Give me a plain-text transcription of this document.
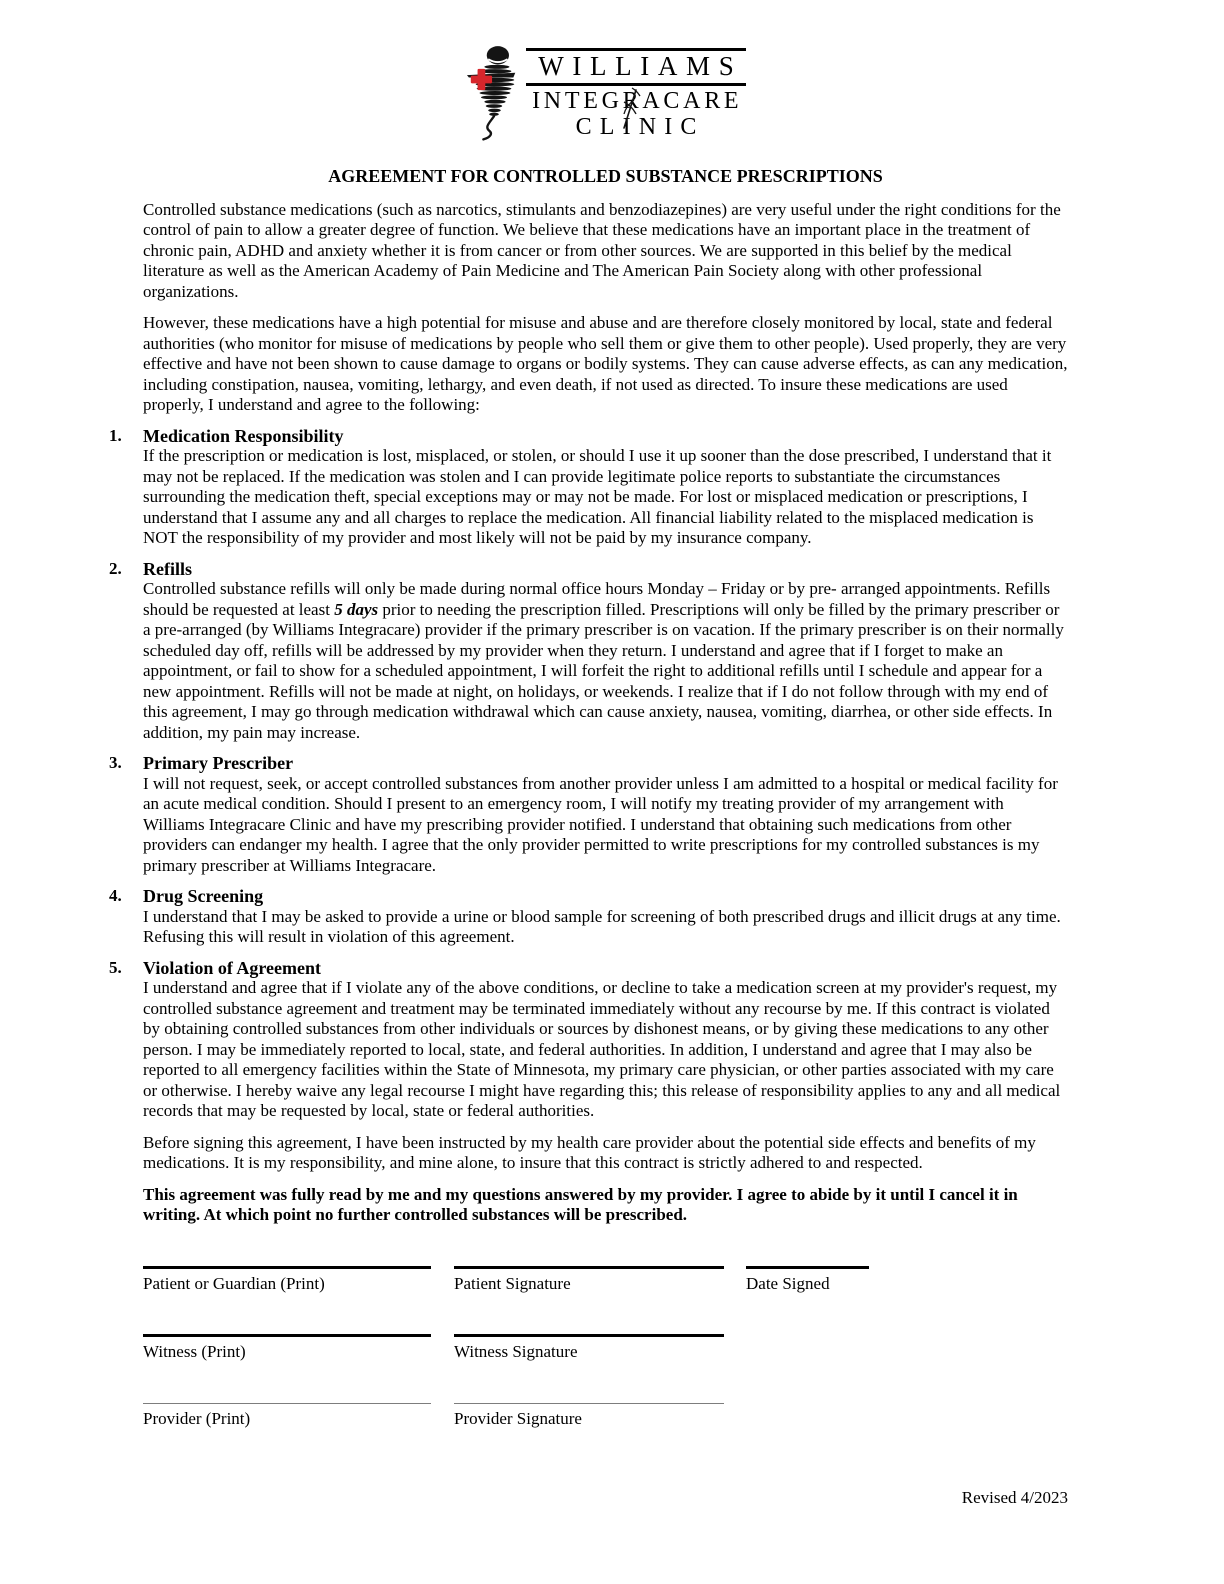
WILLIAMS
INTEGRACARE
CLINIC
AGREEMENT FOR CONTROLLED SUBSTANCE PRESCRIPTIONS

Controlled substance medications (such as narcotics, stimulants and benzodiazepines) are very useful under the right conditions for the control of pain to allow a greater degree of function. We believe that these medications have an important place in the treatment of chronic pain, ADHD and anxiety whether it is from cancer or from other sources. We are supported in this belief by the medical literature as well as the American Academy of Pain Medicine and The American Pain Society along with other professional organizations.

However, these medications have a high potential for misuse and abuse and are therefore closely monitored by local, state and federal authorities (who monitor for misuse of medications by people who sell them or give them to other people). Used properly, they are very effective and have not been shown to cause damage to organs or bodily systems. They can cause adverse effects, as can any medication, including constipation, nausea, vomiting, lethargy, and even death, if not used as directed. To insure these medications are used properly, I understand and agree to the following:

1.	Medication Responsibility

If the prescription or medication is lost, misplaced, or stolen, or should I use it up sooner than the dose prescribed, I understand that it may not be replaced. If the medication was stolen and I can provide legitimate police reports to substantiate the circumstances surrounding the medication theft, special exceptions may or may not be made. For lost or misplaced medication or prescriptions, I understand that I assume any and all charges to replace the medication. All financial liability related to the misplaced medication is NOT the responsibility of my provider and most likely will not be paid by my insurance company.

2.	Refills

Controlled substance refills will only be made during normal office hours Monday – Friday or by pre- arranged appointments. Refills should be requested at least 5 days prior to needing the prescription filled. Prescriptions will only be filled by the primary prescriber or a pre-arranged (by Williams Integracare) provider if the primary prescriber is on vacation. If the primary prescriber is on their normally scheduled day off, refills will be addressed by my provider when they return. I understand and agree that if I forget to make an appointment, or fail to show for a scheduled appointment, I will forfeit the right to additional refills until I schedule and appear for a new appointment. Refills will not be made at night, on holidays, or weekends. I realize that if I do not follow through with my end of this agreement, I may go through medication withdrawal which can cause anxiety, nausea, vomiting, diarrhea, or other side effects. In addition, my pain may increase.

3.	Primary Prescriber

I will not request, seek, or accept controlled substances from another provider unless I am admitted to a hospital or medical facility for an acute medical condition. Should I present to an emergency room, I will notify my treating provider of my arrangement with Williams Integracare Clinic and have my prescribing provider notified. I understand that obtaining such medications from other providers can endanger my health. I agree that the only provider permitted to write prescriptions for my controlled substances is my primary prescriber at Williams Integracare.

4.	Drug Screening

I understand that I may be asked to provide a urine or blood sample for screening of both prescribed drugs and illicit drugs at any time. Refusing this will result in violation of this agreement.

5.	Violation of Agreement

I understand and agree that if I violate any of the above conditions, or decline to take a medication screen at my provider's request, my controlled substance agreement and treatment may be terminated immediately without any recourse by me. If this contract is violated by obtaining controlled substances from other individuals or sources by dishonest means, or by giving these medications to any other person. I may be immediately reported to local, state, and federal authorities. In addition, I understand and agree that I may also be reported to all emergency facilities within the State of Minnesota, my primary care physician, or other parties associated with my care or otherwise. I hereby waive any legal recourse I might have regarding this; this release of responsibility applies to any and all medical records that may be requested by local, state or federal authorities.

Before signing this agreement, I have been instructed by my health care provider about the potential side effects and benefits of my medications. It is my responsibility, and mine alone, to insure that this contract is strictly adhered to and respected.

This agreement was fully read by me and my questions answered by my provider. I agree to abide by it until I cancel it in writing. At which point no further controlled substances will be prescribed.

Patient or Guardian (Print)	Patient Signature	Date Signed
Witness (Print)	Witness Signature
Provider (Print)	Provider Signature
Revised 4/2023
